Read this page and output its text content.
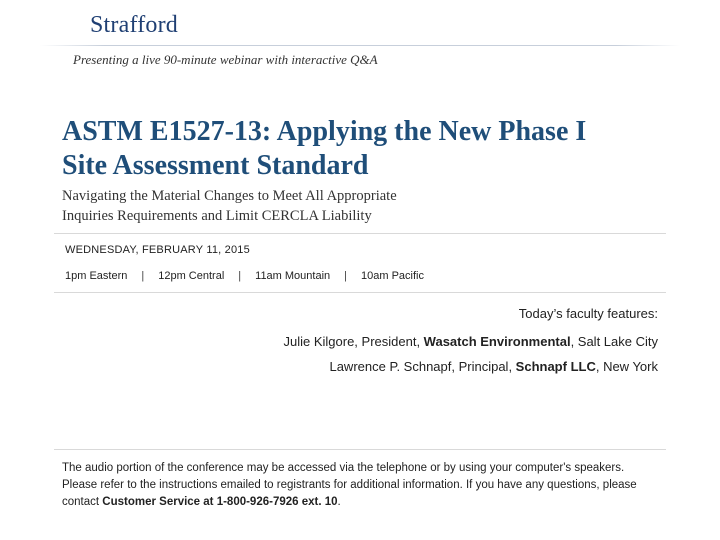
Strafford
Presenting a live 90-minute webinar with interactive Q&A
ASTM E1527-13: Applying the New Phase I
Site Assessment Standard
Navigating the Material Changes to Meet All Appropriate
Inquiries Requirements and Limit CERCLA Liability
WEDNESDAY, FEBRUARY 11, 2015
1pm Eastern | 12pm Central | 11am Mountain | 10am Pacific
Today’s faculty features:
Julie Kilgore, President, Wasatch Environmental, Salt Lake City
Lawrence P. Schnapf, Principal, Schnapf LLC, New York
The audio portion of the conference may be accessed via the telephone or by using your computer's speakers. Please refer to the instructions emailed to registrants for additional information. If you have any questions, please contact Customer Service at 1-800-926-7926 ext. 10.
